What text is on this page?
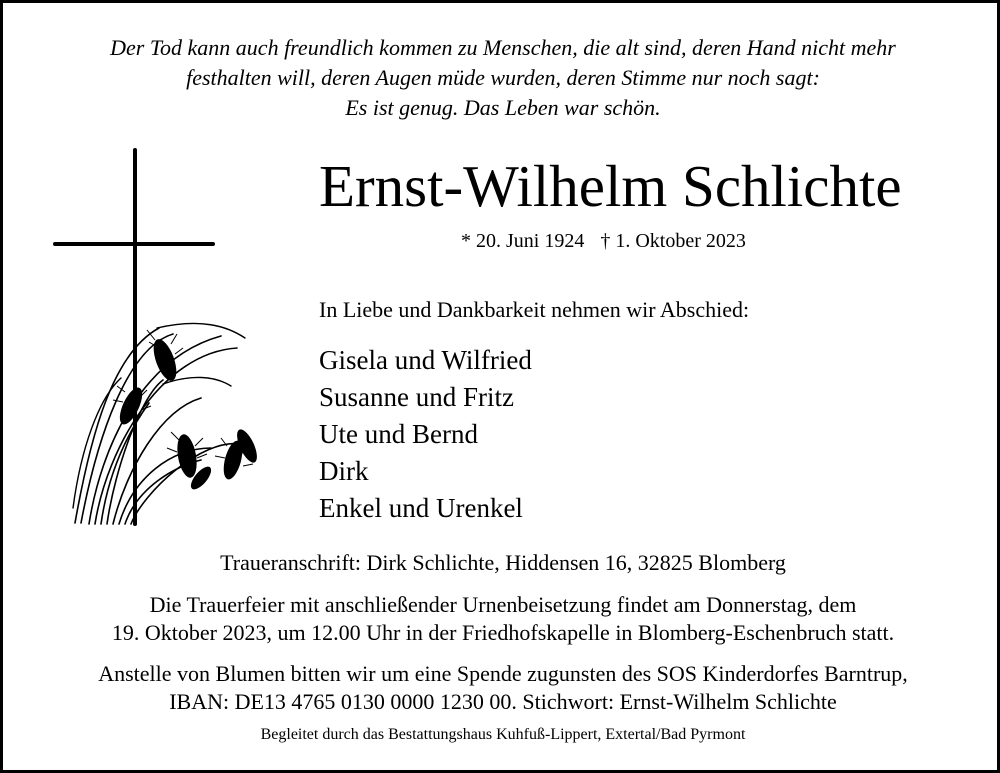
Der Tod kann auch freundlich kommen zu Menschen, die alt sind, deren Hand nicht mehr
festhalten will, deren Augen müde wurden, deren Stimme nur noch sagt:
Es ist genug. Das Leben war schön.
Ernst-Wilhelm Schlichte
* 20. Juni 1924 † 1. Oktober 2023
In Liebe und Dankbarkeit nehmen wir Abschied:
Gisela und Wilfried
Susanne und Fritz
Ute und Bernd
Dirk
Enkel und Urenkel
Traueranschrift: Dirk Schlichte, Hiddensen 16, 32825 Blomberg
Die Trauerfeier mit anschließender Urnenbeisetzung findet am Donnerstag, dem
19. Oktober 2023, um 12.00 Uhr in der Friedhofskapelle in Blomberg-Eschenbruch statt.
Anstelle von Blumen bitten wir um eine Spende zugunsten des SOS Kinderdorfes Barntrup,
IBAN: DE13 4765 0130 0000 1230 00. Stichwort: Ernst-Wilhelm Schlichte
Begleitet durch das Bestattungshaus Kuhfuß-Lippert, Extertal/Bad Pyrmont
